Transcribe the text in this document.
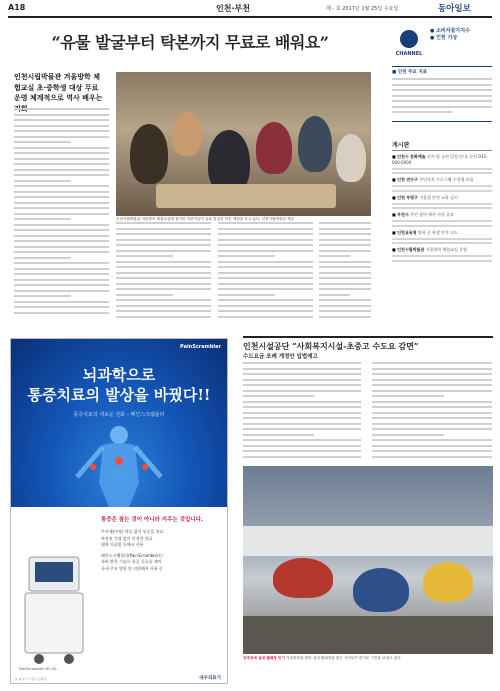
A18	인천·부천	제 - 호 2017년 1월 25일 수요일	동아일보
“유물 발굴부터 탁본까지 무료로 배워요”
인천시립박물관 겨울방학 체험교실 초·중학생 대상 무료 운영 체계적으로 역사 배우는
인천시립박물관 겨울방학 체험교실에 참가한 어린이들이 유물 발굴과 탁본 체험을 하고 있다. 인천시립박물관 제공
CHANNEL
● 소비자물가지수
● 인천 기상
■ 인천 주요 지표
게시판
■ 인천시 문화예술 전시 및 공연 일정 안내, 문의 032-000-0000
■ 인천 연수구 주민자치 프로그램 수강생 모집
■ 인천 부평구 겨울철 안전 교육 실시
■ 부천시 주민 참여 예산 사업 공모
■ 인천교육청 방학 중 학생 안전 지도
■ 인천시립박물관 겨울방학 체험교실 운영
PainScrambler
뇌과학으로
통증치료의 발상을 바꿨다!!
통증치료의 새로운 진화 – 페인스크램블러
통증은 참는 것이 아니라 지우는 것입니다.
주사제(마약) 약물 없이 통증을 치료
부작용 걱정 없이 안전한 치료
대학 의료원 등에서 사용
페인스크램블러(PainScrambler)는
특허 받은 기술로 통증 신호를 제어
국내 주요 병원 및 의원에서 사용 중
PainScrambler MC-5A
※ 의료기기 광고 심의필	대우의료기
인천시설공단 “사회복지시설-초중고 수도요 감면”
수도요금 조례 개정안 입법예고
강추위에 실내 썰매장 인기 겨울방학을 맞아 실내 썰매장을 찾은 시민들이 즐거운 시간을 보내고 있다.
